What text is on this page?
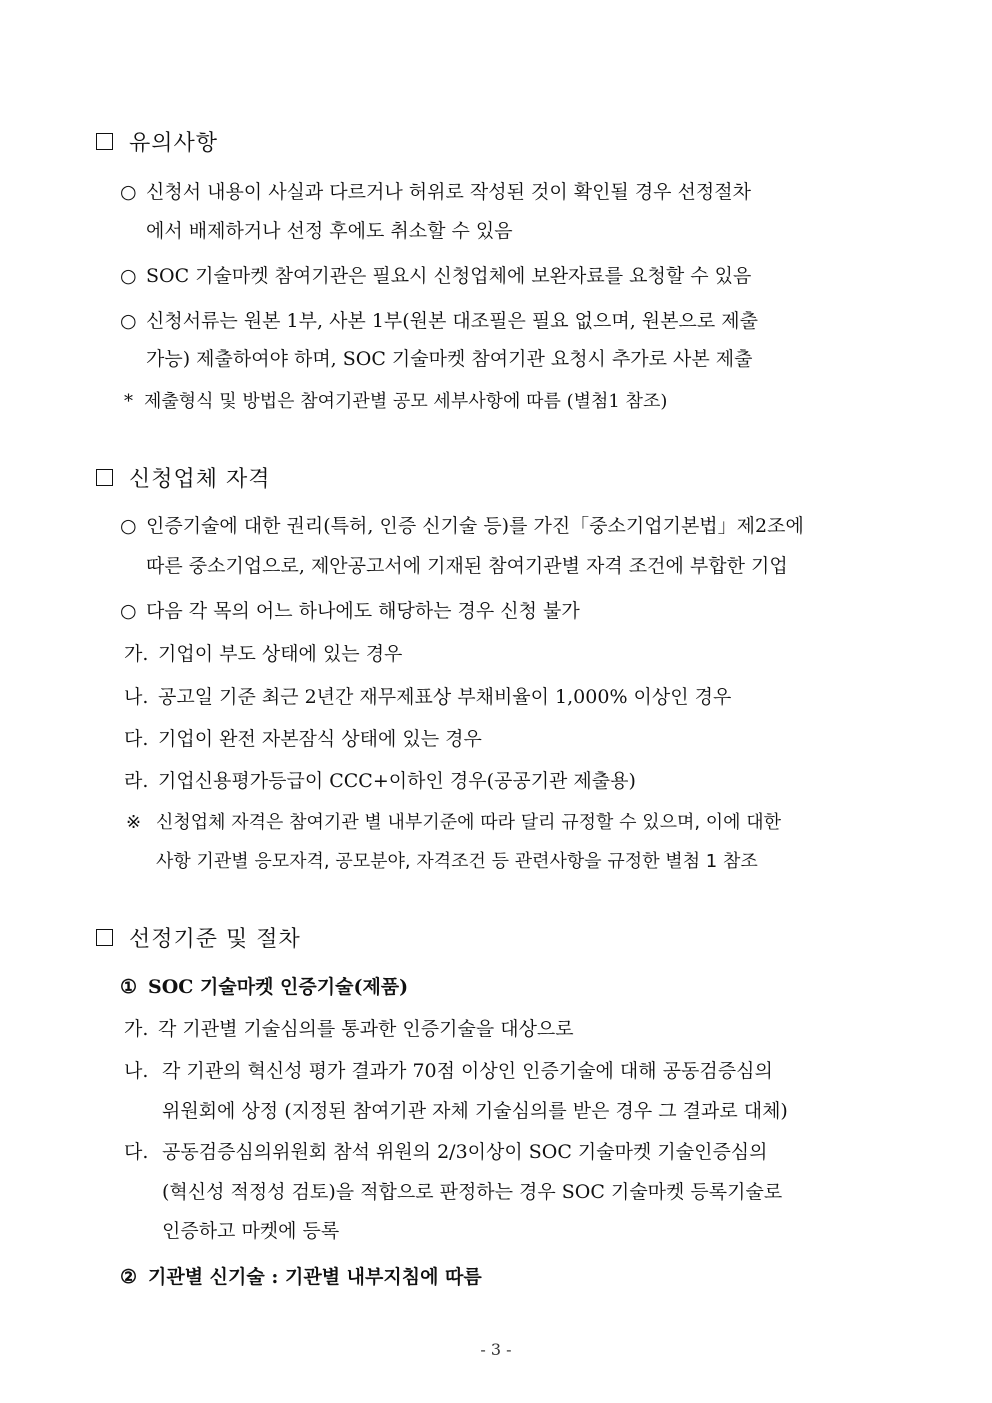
유의사항
○ 신청서 내용이 사실과 다르거나 허위로 작성된 것이 확인될 경우 선정절차
에서 배제하거나 선정 후에도 취소할 수 있음
○ SOC 기술마켓 참여기관은 필요시 신청업체에 보완자료를 요청할 수 있음
○ 신청서류는 원본 1부, 사본 1부(원본 대조필은 필요 없으며, 원본으로 제출
가능) 제출하여야 하며, SOC 기술마켓 참여기관 요청시 추가로 사본 제출
* 제출형식 및 방법은 참여기관별 공모 세부사항에 따름 (별첨1 참조)
신청업체 자격
○ 인증기술에 대한 권리(특허, 인증 신기술 등)를 가진「중소기업기본법」제2조에
따른 중소기업으로, 제안공고서에 기재된 참여기관별 자격 조건에 부합한 기업
○ 다음 각 목의 어느 하나에도 해당하는 경우 신청 불가
가. 기업이 부도 상태에 있는 경우
나. 공고일 기준 최근 2년간 재무제표상 부채비율이 1,000% 이상인 경우
다. 기업이 완전 자본잠식 상태에 있는 경우
라. 기업신용평가등급이 CCC+이하인 경우(공공기관 제출용)
※ 신청업체 자격은 참여기관 별 내부기준에 따라 달리 규정할 수 있으며, 이에 대한
사항 기관별 응모자격, 공모분야, 자격조건 등 관련사항을 규정한 별첨 1 참조
선정기준 및 절차
① SOC 기술마켓 인증기술(제품)
가. 각 기관별 기술심의를 통과한 인증기술을 대상으로
나. 각 기관의 혁신성 평가 결과가 70점 이상인 인증기술에 대해 공동검증심의
위원회에 상정 (지정된 참여기관 자체 기술심의를 받은 경우 그 결과로 대체)
다. 공동검증심의위원회 참석 위원의 2/3이상이 SOC 기술마켓 기술인증심의
(혁신성 적정성 검토)을 적합으로 판정하는 경우 SOC 기술마켓 등록기술로
인증하고 마켓에 등록
② 기관별 신기술 : 기관별 내부지침에 따름
- 3 -
